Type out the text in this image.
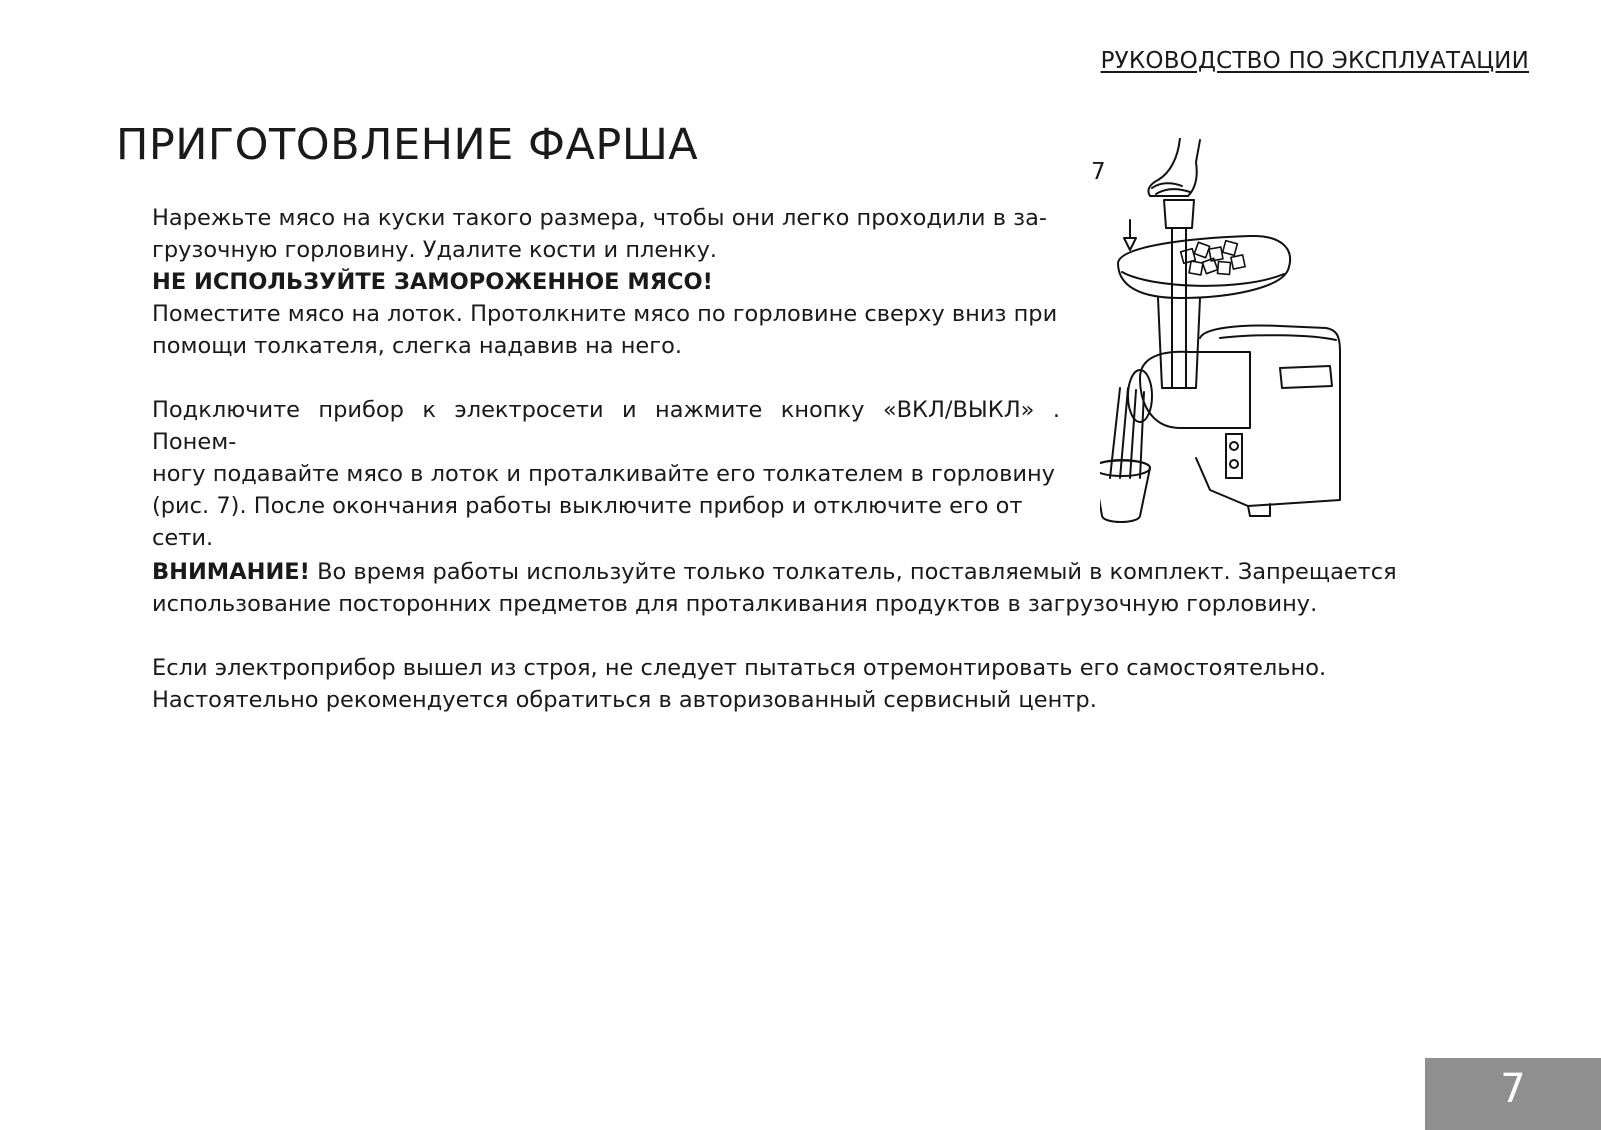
РУКОВОДСТВО ПО ЭКСПЛУАТАЦИИ
ПРИГОТОВЛЕНИЕ ФАРША
7
Нарежьте мясо на куски такого размера, чтобы они легко проходили в за-
грузочную горловину. Удалите кости и пленку.
НЕ ИСПОЛЬЗУЙТЕ ЗАМОРОЖЕННОЕ МЯСО!
Поместите мясо на лоток. Протолкните мясо по горловине сверху вниз при
помощи толкателя, слегка надавив на него.
Подключите прибор к электросети и нажмите кнопку «ВКЛ/ВЫКЛ» . Понем-
ногу подавайте мясо в лоток и проталкивайте его толкателем в горловину
(рис. 7). После окончания работы выключите прибор и отключите его от
сети.
ВНИМАНИЕ! Во время работы используйте только толкатель, поставляемый в комплект. Запрещается
использование посторонних предметов для проталкивания продуктов в загрузочную горловину.
Если электроприбор вышел из строя, не следует пытаться отремонтировать его самостоятельно.
Настоятельно рекомендуется обратиться в авторизованный сервисный центр.
7
